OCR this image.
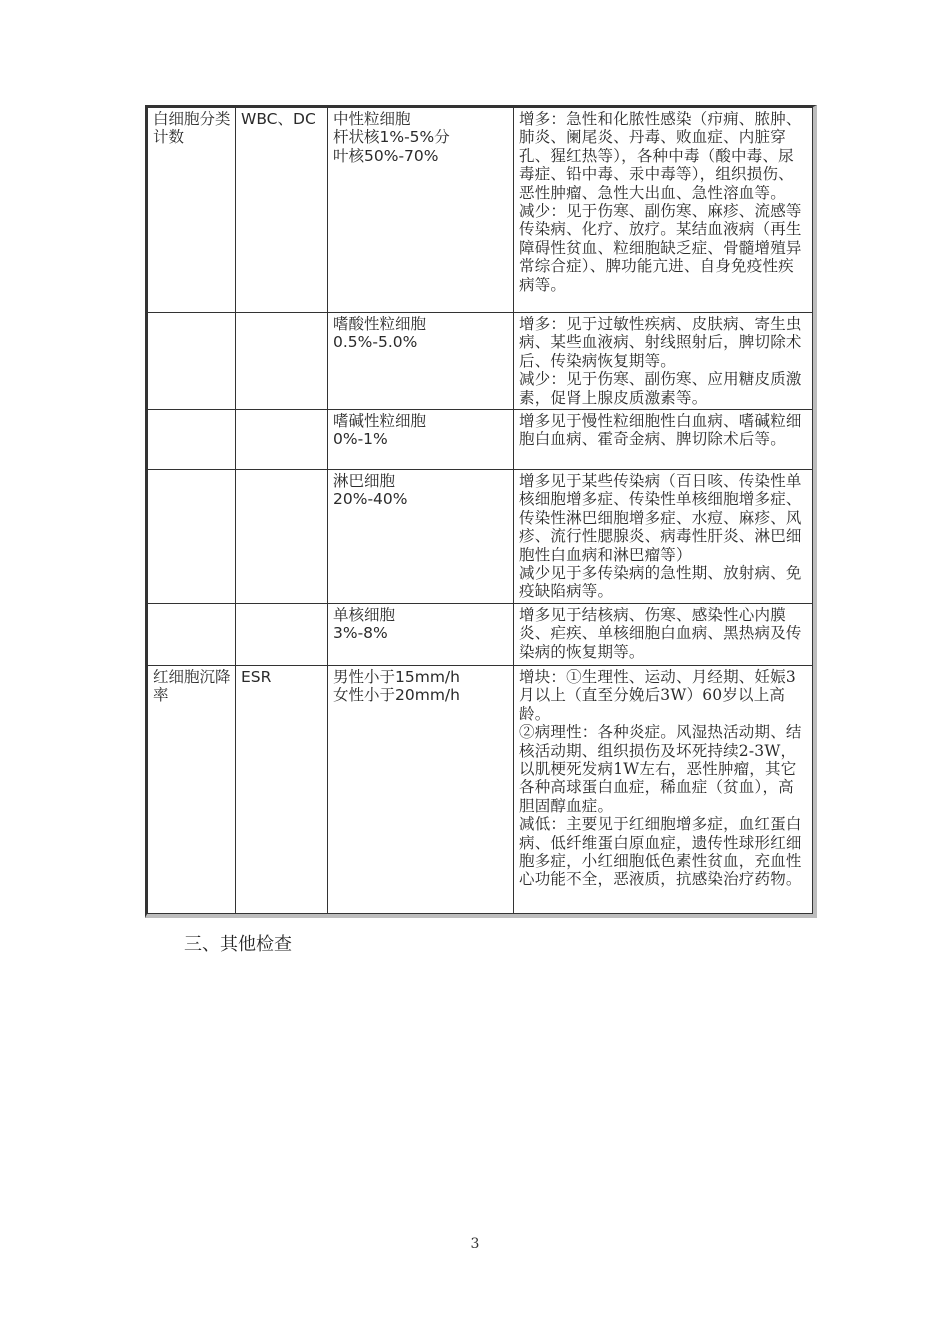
白细胞分类计数	WBC、DC	中性粒细胞
杆状核1%-5%分
叶核50%-70%	增多：急性和化脓性感染（疖痈、脓肿、肺炎、阑尾炎、丹毒、败血症、内脏穿孔、猩红热等），各种中毒（酸中毒、尿毒症、铅中毒、汞中毒等），组织损伤、恶性肿瘤、急性大出血、急性溶血等。
减少：见于伤寒、副伤寒、麻疹、流感等传染病、化疗、放疗。某结血液病（再生障碍性贫血、粒细胞缺乏症、骨髓增殖异常综合症）、脾功能亢进、自身免疫性疾病等。

		嗜酸性粒细胞
0.5%-5.0%	增多：见于过敏性疾病、皮肤病、寄生虫病、某些血液病、射线照射后，脾切除术后、传染病恢复期等。
减少：见于伤寒、副伤寒、应用糖皮质激素，促肾上腺皮质激素等。

		嗜碱性粒细胞
0%-1%	增多见于慢性粒细胞性白血病、嗜碱粒细胞白血病、霍奇金病、脾切除术后等。

		淋巴细胞
20%-40%	增多见于某些传染病（百日咳、传染性单核细胞增多症、传染性单核细胞增多症、传染性淋巴细胞增多症、水痘、麻疹、风疹、流行性腮腺炎、病毒性肝炎、淋巴细胞性白血病和淋巴瘤等）
减少见于多传染病的急性期、放射病、免疫缺陷病等。

		单核细胞
3%-8%	增多见于结核病、伤寒、感染性心内膜炎、疟疾、单核细胞白血病、黑热病及传染病的恢复期等。

红细胞沉降率	ESR	男性小于15mm/h
女性小于20mm/h	增块：①生理性、运动、月经期、妊娠3月以上（直至分娩后3W）60岁以上高龄。
②病理性：各种炎症。风湿热活动期、结核活动期、组织损伤及坏死持续2-3W，以肌梗死发病1W左右，恶性肿瘤，其它各种高球蛋白血症，稀血症（贫血），高胆固醇血症。
减低：主要见于红细胞增多症，血红蛋白病、低纤维蛋白原血症，遗传性球形红细胞多症，小红细胞低色素性贫血，充血性心功能不全，恶液质，抗感染治疗药物。
三、其他检查
3
